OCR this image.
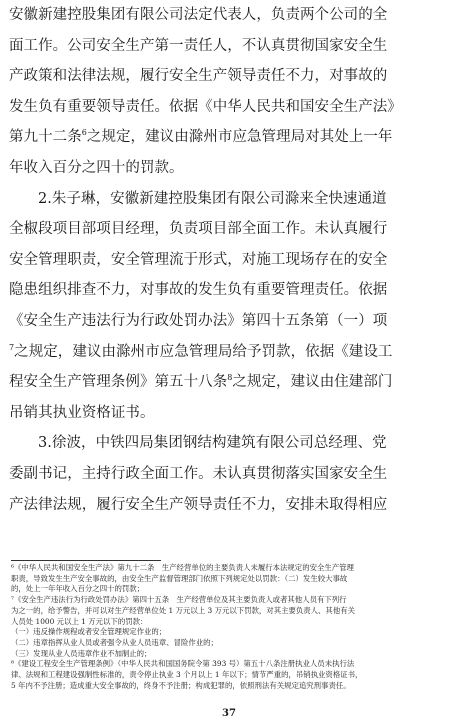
安徽新建控股集团有限公司法定代表人，负责两个公司的全
面工作。公司安全生产第一责任人，不认真贯彻国家安全生
产政策和法律法规，履行安全生产领导责任不力，对事故的
发生负有重要领导责任。依据《中华人民共和国安全生产法》
第九十二条$^6$之规定，建议由滁州市应急管理局对其处上一年
年收入百分之四十的罚款。

2.朱子琳，安徽新建控股集团有限公司滁来全快速通道
全椒段项目部项目经理，负责项目部全面工作。未认真履行
安全管理职责，安全管理流于形式，对施工现场存在的安全
隐患组织排查不力，对事故的发生负有重要管理责任。依据
《安全生产违法行为行政处罚办法》第四十五条第（一）项
$^7$之规定，建议由滁州市应急管理局给予罚款，依据《建设工
程安全生产管理条例》第五十八条$^8$之规定，建议由住建部门
吊销其执业资格证书。

3.徐波，中铁四局集团钢结构建筑有限公司总经理、党
委副书记，主持行政全面工作。未认真贯彻落实国家安全生
产法律法规，履行安全生产领导责任不力，安排未取得相应

⁶《中华人民共和国安全生产法》第九十二条　生产经营单位的主要负责人未履行本法规定的安全生产管理
职责，导致发生生产安全事故的，由安全生产监督管理部门依照下列规定处以罚款：（二）发生较大事故
的，处上一年年收入百分之四十的罚款；
⁷《安全生产违法行为行政处罚办法》第四十五条　生产经营单位及其主要负责人或者其他人员有下列行
为之一的，给予警告，并可以对生产经营单位处 1 万元以上 3 万元以下罚款，对其主要负责人、其他有关
人员处 1000 元以上 1 万元以下的罚款：
（一）违反操作规程或者安全管理规定作业的；
（二）违章指挥从业人员或者强令从业人员违章、冒险作业的；
（三）发现从业人员违章作业不加制止的；
⁸《建设工程安全生产管理条例》（中华人民共和国国务院令第 393 号）第五十八条注册执业人员未执行法
律、法规和工程建设强制性标准的，责令停止执业 3 个月以上 1 年以下；情节严重的，吊销执业资格证书，
5 年内不予注册；造成重大安全事故的，终身不予注册；构成犯罪的，依照刑法有关规定追究刑事责任。
37
